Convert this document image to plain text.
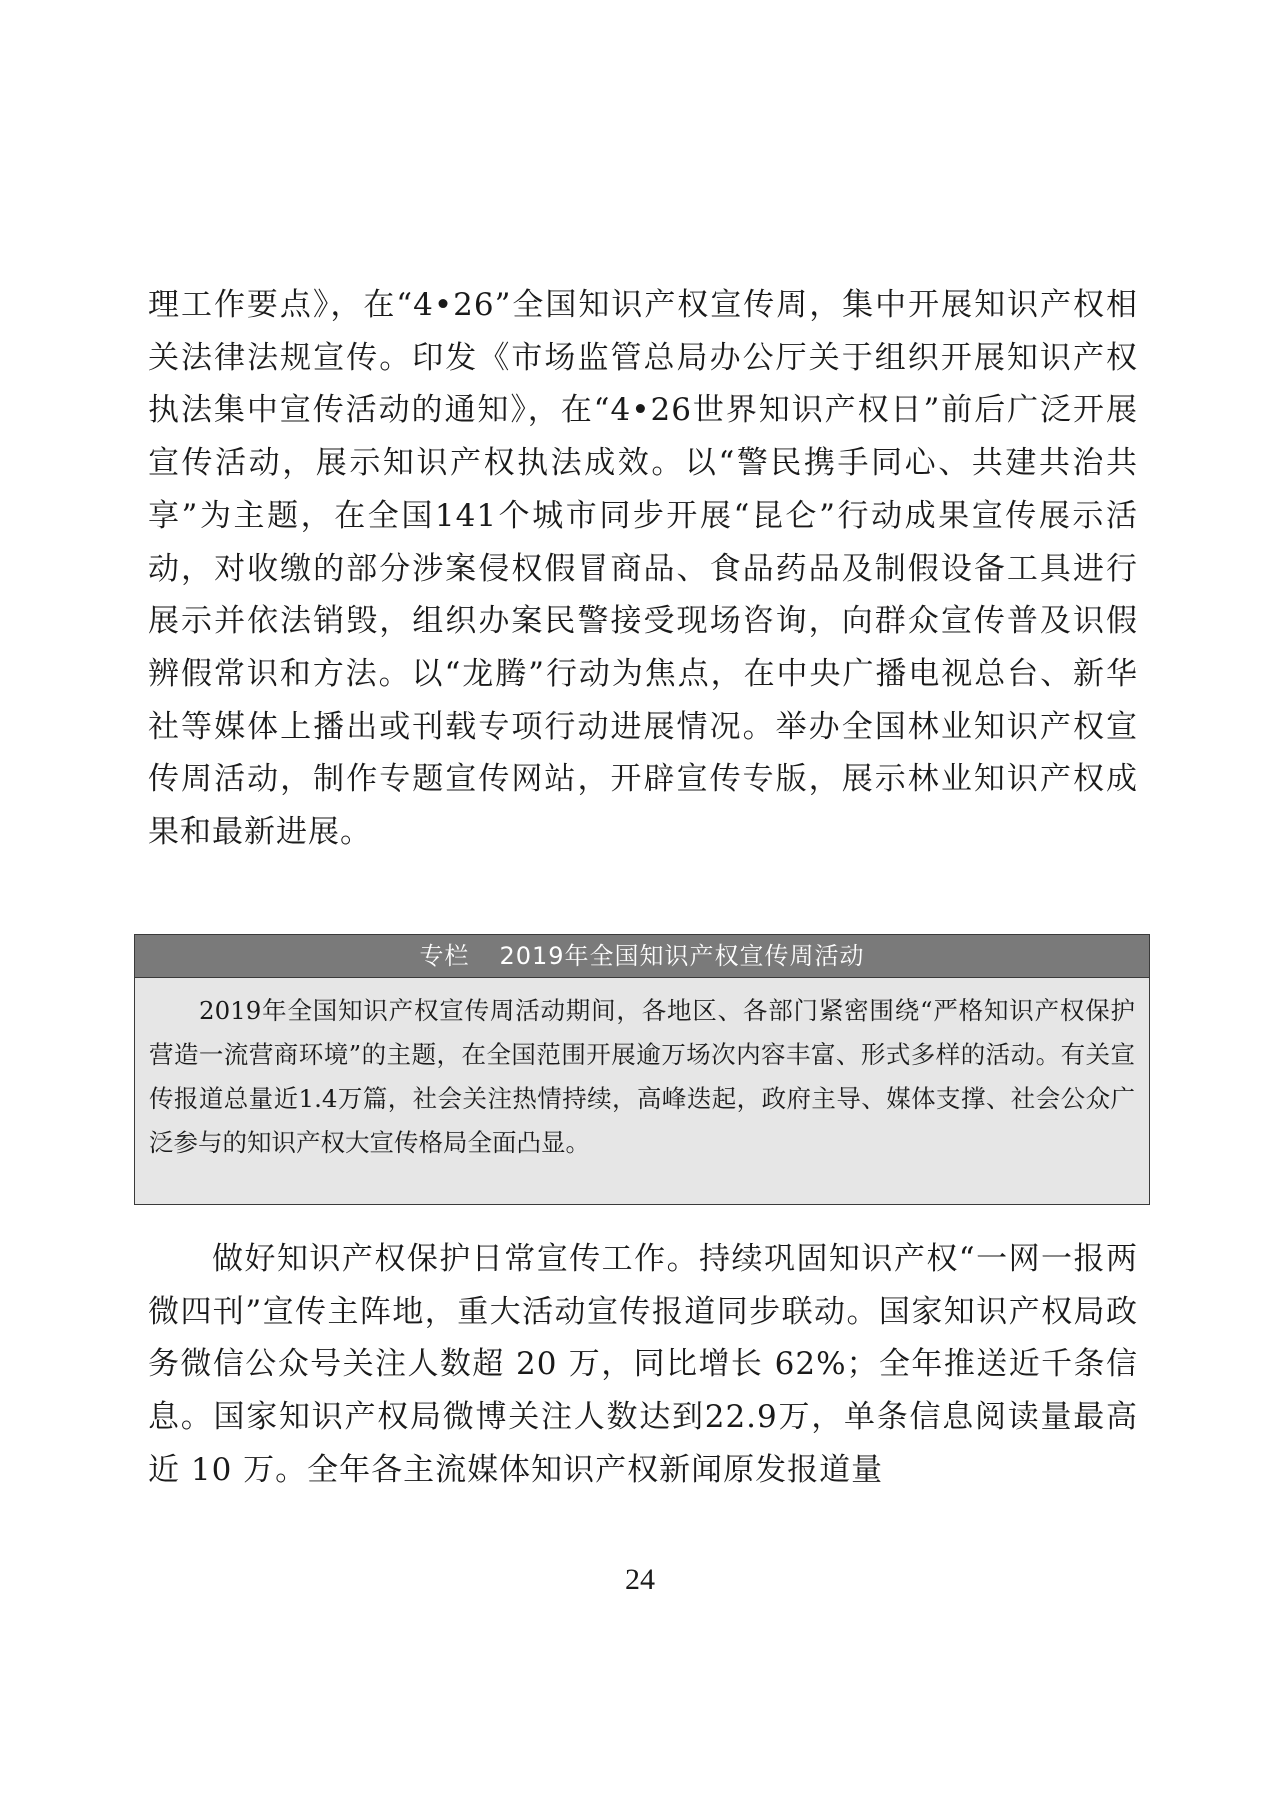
理工作要点》，在“4•26”全国知识产权宣传周，集中开展知识产权相关法律法规宣传。印发《市场监管总局办公厅关于组织开展知识产权执法集中宣传活动的通知》，在“4•26世界知识产权日”前后广泛开展宣传活动，展示知识产权执法成效。以“警民携手同心、共建共治共享”为主题，在全国141个城市同步开展“昆仑”行动成果宣传展示活动，对收缴的部分涉案侵权假冒商品、食品药品及制假设备工具进行展示并依法销毁，组织办案民警接受现场咨询，向群众宣传普及识假辨假常识和方法。以“龙腾”行动为焦点，在中央广播电视总台、新华社等媒体上播出或刊载专项行动进展情况。举办全国林业知识产权宣传周活动，制作专题宣传网站，开辟宣传专版，展示林业知识产权成果和最新进展。

专栏 2019年全国知识产权宣传周活动

2019年全国知识产权宣传周活动期间，各地区、各部门紧密围绕“严格知识产权保护 营造一流营商环境”的主题，在全国范围开展逾万场次内容丰富、形式多样的活动。有关宣传报道总量近1.4万篇，社会关注热情持续，高峰迭起，政府主导、媒体支撑、社会公众广泛参与的知识产权大宣传格局全面凸显。

做好知识产权保护日常宣传工作。持续巩固知识产权“一网一报两微四刊”宣传主阵地，重大活动宣传报道同步联动。国家知识产权局政务微信公众号关注人数超 20 万，同比增长 62%；全年推送近千条信息。国家知识产权局微博关注人数达到22.9万，单条信息阅读量最高近 10 万。全年各主流媒体知识产权新闻原发报道量

24
